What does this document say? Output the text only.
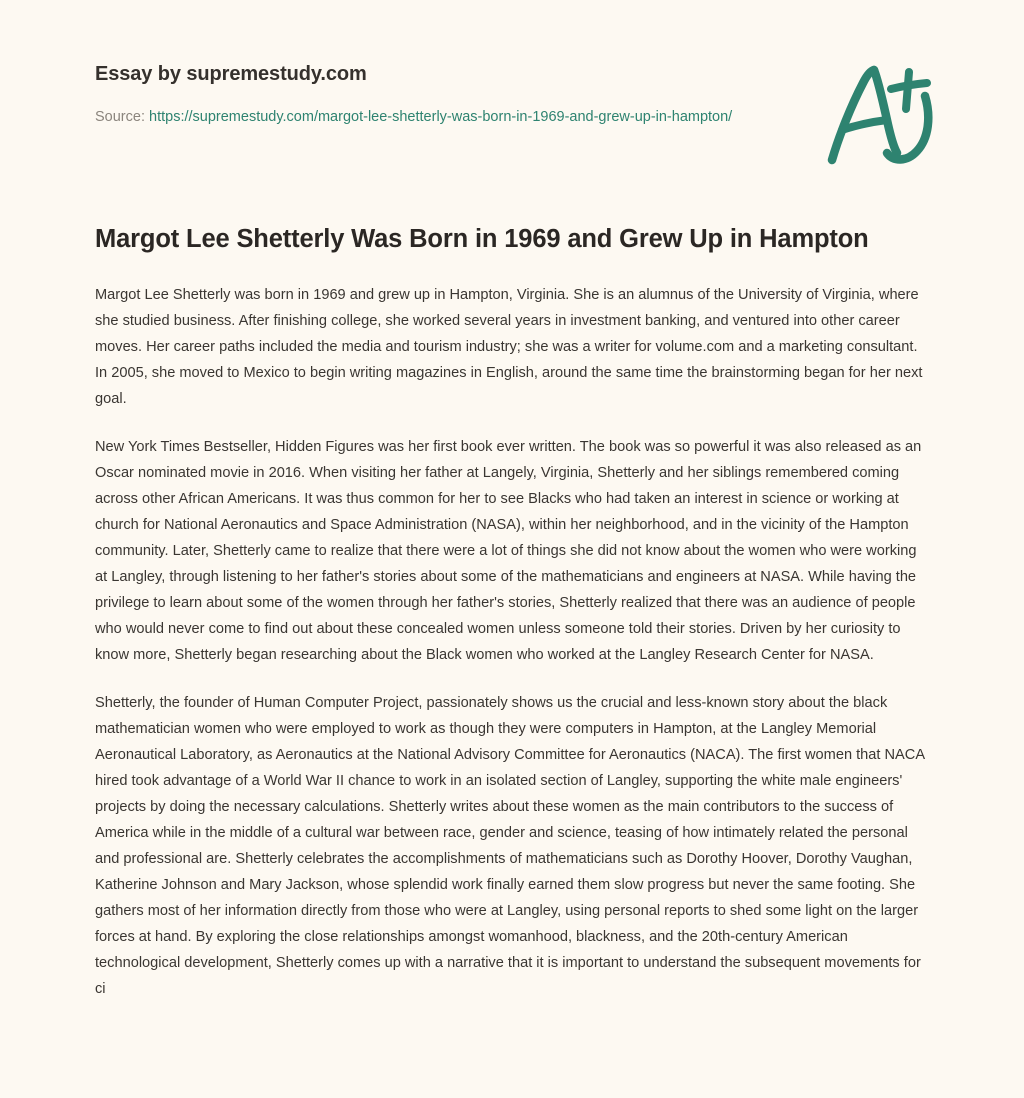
Essay by supremestudy.com
Source: https://supremestudy.com/margot-lee-shetterly-was-born-in-1969-and-grew-up-in-hampton/
Margot Lee Shetterly Was Born in 1969 and Grew Up in Hampton

Margot Lee Shetterly was born in 1969 and grew up in Hampton, Virginia. She is an alumnus of the University of Virginia, where she studied business. After finishing college, she worked several years in investment banking, and ventured into other career moves. Her career paths included the media and tourism industry; she was a writer for volume.com and a marketing consultant. In 2005, she moved to Mexico to begin writing magazines in English, around the same time the brainstorming began for her next goal.

New York Times Bestseller, Hidden Figures was her first book ever written. The book was so powerful it was also released as an Oscar nominated movie in 2016. When visiting her father at Langely, Virginia, Shetterly and her siblings remembered coming across other African Americans. It was thus common for her to see Blacks who had taken an interest in science or working at church for National Aeronautics and Space Administration (NASA), within her neighborhood, and in the vicinity of the Hampton community. Later, Shetterly came to realize that there were a lot of things she did not know about the women who were working at Langley, through listening to her father's stories about some of the mathematicians and engineers at NASA. While having the privilege to learn about some of the women through her father's stories, Shetterly realized that there was an audience of people who would never come to find out about these concealed women unless someone told their stories. Driven by her curiosity to know more, Shetterly began researching about the Black women who worked at the Langley Research Center for NASA.

Shetterly, the founder of Human Computer Project, passionately shows us the crucial and less-known story about the black mathematician women who were employed to work as though they were computers in Hampton, at the Langley Memorial Aeronautical Laboratory, as Aeronautics at the National Advisory Committee for Aeronautics (NACA). The first women that NACA hired took advantage of a World War II chance to work in an isolated section of Langley, supporting the white male engineers' projects by doing the necessary calculations. Shetterly writes about these women as the main contributors to the success of America while in the middle of a cultural war between race, gender and science, teasing of how intimately related the personal and professional are. Shetterly celebrates the accomplishments of mathematicians such as Dorothy Hoover, Dorothy Vaughan, Katherine Johnson and Mary Jackson, whose splendid work finally earned them slow progress but never the same footing. She gathers most of her information directly from those who were at Langley, using personal reports to shed some light on the larger forces at hand. By exploring the close relationships amongst womanhood, blackness, and the 20th-century American technological development, Shetterly comes up with a narrative that it is important to understand the subsequent movements for ci
